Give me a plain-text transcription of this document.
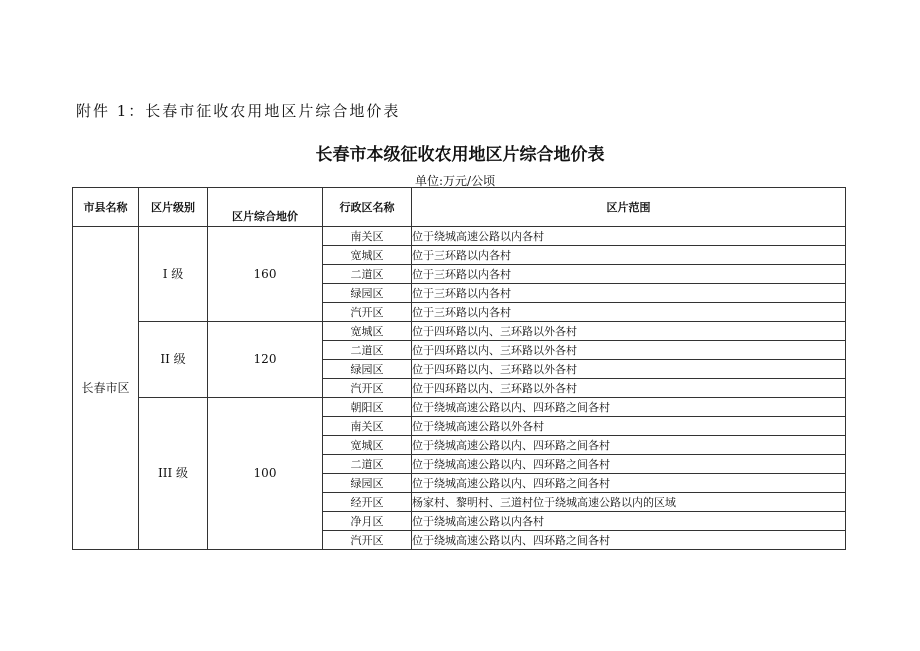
附件 1：长春市征收农用地区片综合地价表
长春市本级征收农用地区片综合地价表
单位:万元/公顷
市县名称	区片级别	区片综合地价	行政区名称	区片范围
长春市区	I 级	160	南关区	位于绕城高速公路以内各村
			宽城区	位于三环路以内各村
			二道区	位于三环路以内各村
			绿园区	位于三环路以内各村
			汽开区	位于三环路以内各村
	II 级	120	宽城区	位于四环路以内、三环路以外各村
			二道区	位于四环路以内、三环路以外各村
			绿园区	位于四环路以内、三环路以外各村
			汽开区	位于四环路以内、三环路以外各村
	III 级	100	朝阳区	位于绕城高速公路以内、四环路之间各村
			南关区	位于绕城高速公路以外各村
			宽城区	位于绕城高速公路以内、四环路之间各村
			二道区	位于绕城高速公路以内、四环路之间各村
			绿园区	位于绕城高速公路以内、四环路之间各村
			经开区	杨家村、黎明村、三道村位于绕城高速公路以内的区域
			净月区	位于绕城高速公路以内各村
			汽开区	位于绕城高速公路以内、四环路之间各村
